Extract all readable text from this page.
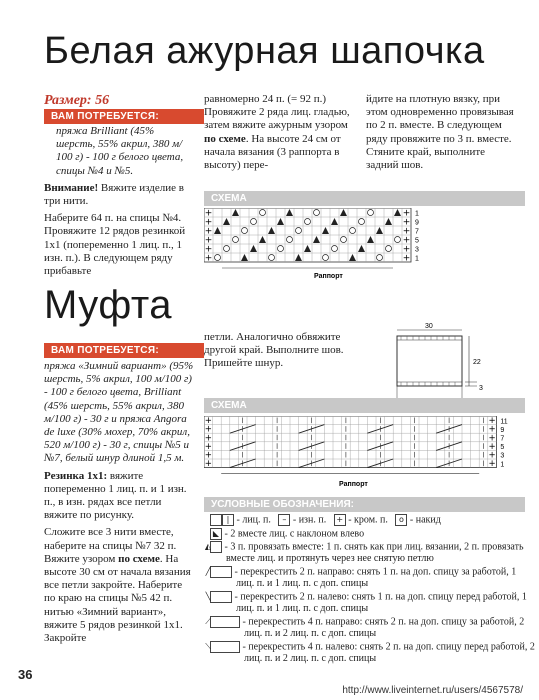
Белая ажурная шапочка
Размер: 56
ВАМ ПОТРЕБУЕТСЯ:
пряжа Brilliant (45% шерсть, 55% акрил, 380 м/ 100 г) - 100 г белого цвета, спицы №4 и №5.
Внимание! Вяжите изделие в три нити.
Наберите 64 п. на спицы №4. Провяжите 12 рядов резинкой 1х1 (попеременно 1 лиц. п., 1 изн. п.). В следующем ряду прибавьте
равномерно 24 п. (= 92 п.) Провяжите 2 ряда лиц. гладью, затем вяжите ажурным узором по схеме. На высоте 24 см от начала вязания (3 раппорта в высоту) пере-
йдите на плотную вязку, при этом одновременно провязывая по 2 п. вместе. В следующем ряду провяжите по 3 п. вместе. Стяните край, выполните задний шов.
СХЕМА
+	+
+	+
+	+
+	+
+	+
+	+
1
9
7
5
3
1
Раппорт
Муфта
ВАМ ПОТРЕБУЕТСЯ:
пряжа «Зимний вариант» (95% шерсть, 5% акрил, 100 м/100 г) - 100 г белого цвета, Brilliant (45% шерсть, 55% акрил, 380 м/100 г) - 30 г и пряжа Angora de luxe (30% мохер, 70% акрил, 520 м/100 г) - 30 г, спицы №5 и №7, белый шнур длиной 1,5 м.
Резинка 1х1: вяжите попеременно 1 лиц. п. и 1 изн. п., в изн. рядах все петли вяжите по рисунку.
Сложите все 3 нити вместе, наберите на спицы №7 32 п. Вяжите узором по схеме. На высоте 30 см от начала вязания все петли закройте. Наберите по краю на спицы №5 42 п. нитью «Зимний вариант», вяжите 5 рядов резинкой 1х1. Закройте
петли. Аналогично обвяжите другой край. Выполните шов. Пришейте шнур.
30
22
3
СХЕМА
+	+
+	+
+	+
+	+
+	+
+	+
11
9
7
5
3
1
Раппорт
УСЛОВНЫЕ ОБОЗНАЧЕНИЯ:
| - лиц. п. – - изн. п. + - кром. п. o - накид
◣ - 2 вместе лиц. с наклоном влево
◭ - 3 п. провязать вместе: 1 п. снять как при лиц. вязании, 2 п. провязать вместе лиц. и протянуть через нее снятую петлю
╱ - перекрестить 2 п. направо: снять 1 п. на доп. спицу за работой, 1 лиц. п. и 1 лиц. п. с доп. спицы
╲ - перекрестить 2 п. налево: снять 1 п. на доп. спицу перед работой, 1 лиц. п. и 1 лиц. п. с доп. спицы
⟋	- перекрестить 4 п. направо: снять 2 п. на доп. спицу за работой, 2 лиц. п. и 2 лиц. п. с доп. спицы
⟍	- перекрестить 4 п. налево: снять 2 п. на доп. спицу перед работой, 2 лиц. п. и 2 лиц. п. с доп. спицы
36
http://www.liveinternet.ru/users/4567578/
